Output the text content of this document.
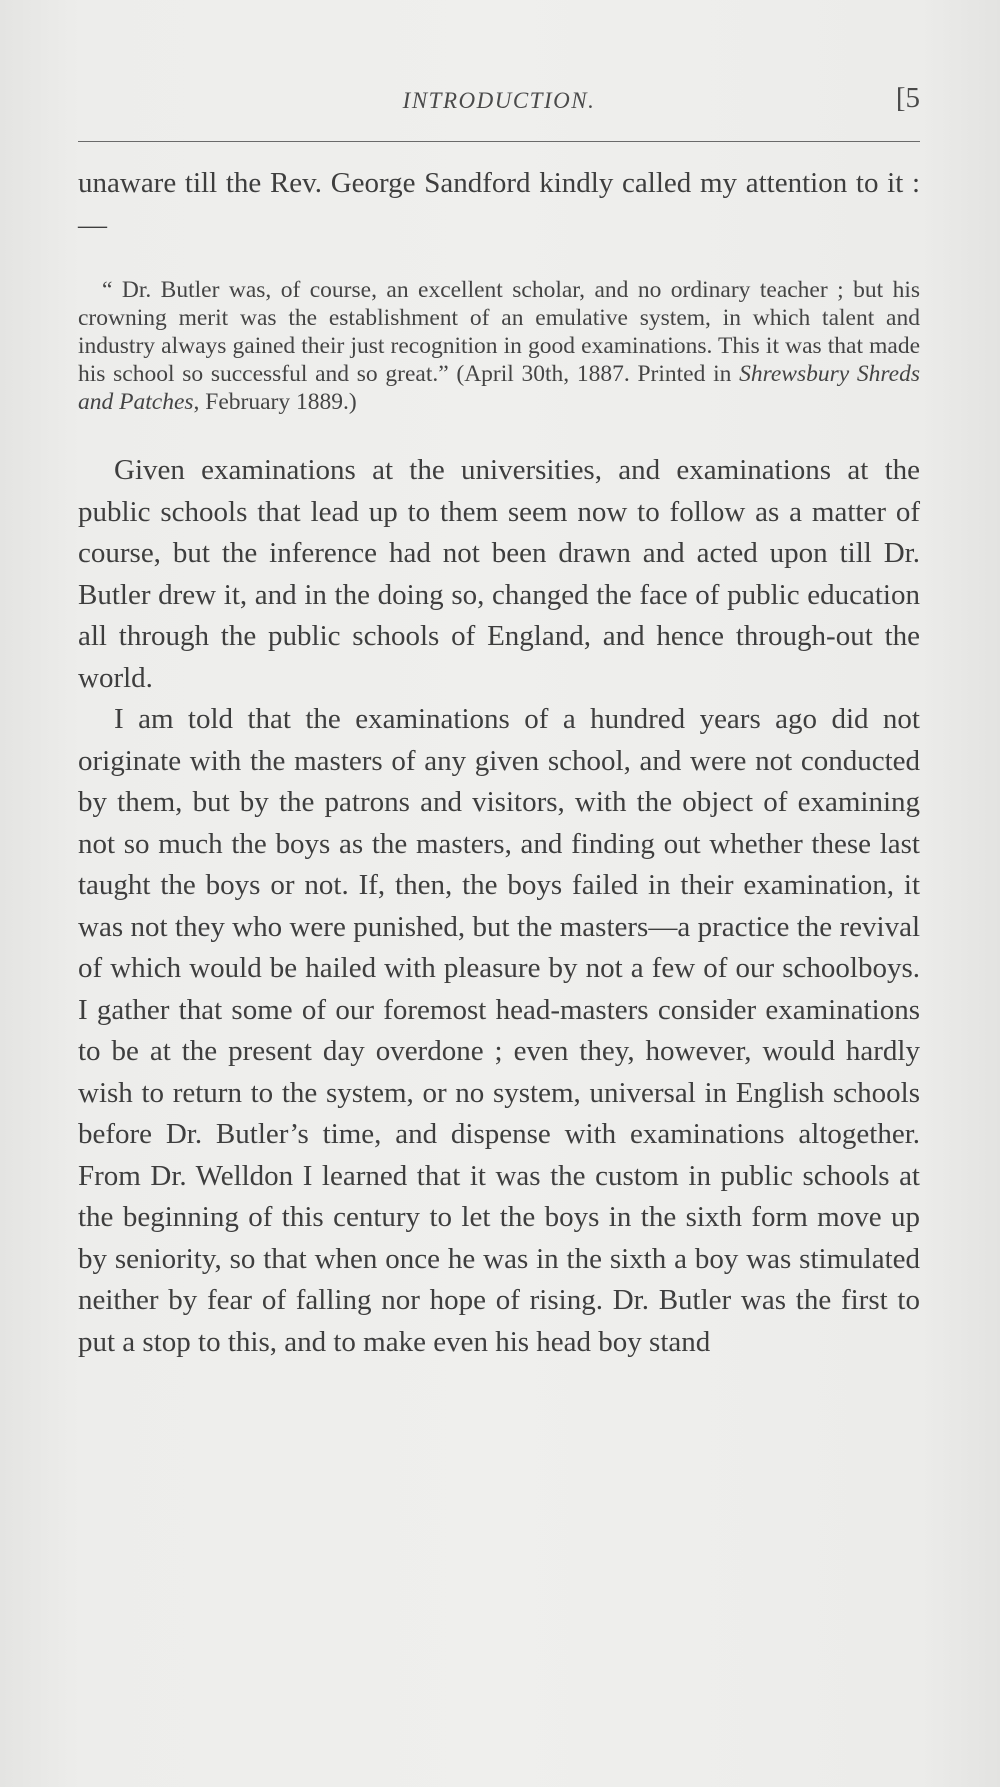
INTRODUCTION.	[5

unaware till the Rev. George Sandford kindly called my attention to it :—

“ Dr. Butler was, of course, an excellent scholar, and no ordinary teacher ; but his crowning merit was the establishment of an emulative system, in which talent and industry always gained their just recognition in good examinations. This it was that made his school so successful and so great.” (April 30th, 1887. Printed in Shrewsbury Shreds and Patches, February 1889.)

Given examinations at the universities, and examinations at the public schools that lead up to them seem now to follow as a matter of course, but the inference had not been drawn and acted upon till Dr. Butler drew it, and in the doing so, changed the face of public education all through the public schools of England, and hence through-out the world.

I am told that the examinations of a hundred years ago did not originate with the masters of any given school, and were not conducted by them, but by the patrons and visitors, with the object of examining not so much the boys as the masters, and finding out whether these last taught the boys or not. If, then, the boys failed in their examination, it was not they who were punished, but the masters—a practice the revival of which would be hailed with pleasure by not a few of our schoolboys. I gather that some of our foremost head-masters consider examinations to be at the present day overdone ; even they, however, would hardly wish to return to the system, or no system, universal in English schools before Dr. Butler’s time, and dispense with examinations altogether. From Dr. Welldon I learned that it was the custom in public schools at the beginning of this century to let the boys in the sixth form move up by seniority, so that when once he was in the sixth a boy was stimulated neither by fear of falling nor hope of rising. Dr. Butler was the first to put a stop to this, and to make even his head boy stand
